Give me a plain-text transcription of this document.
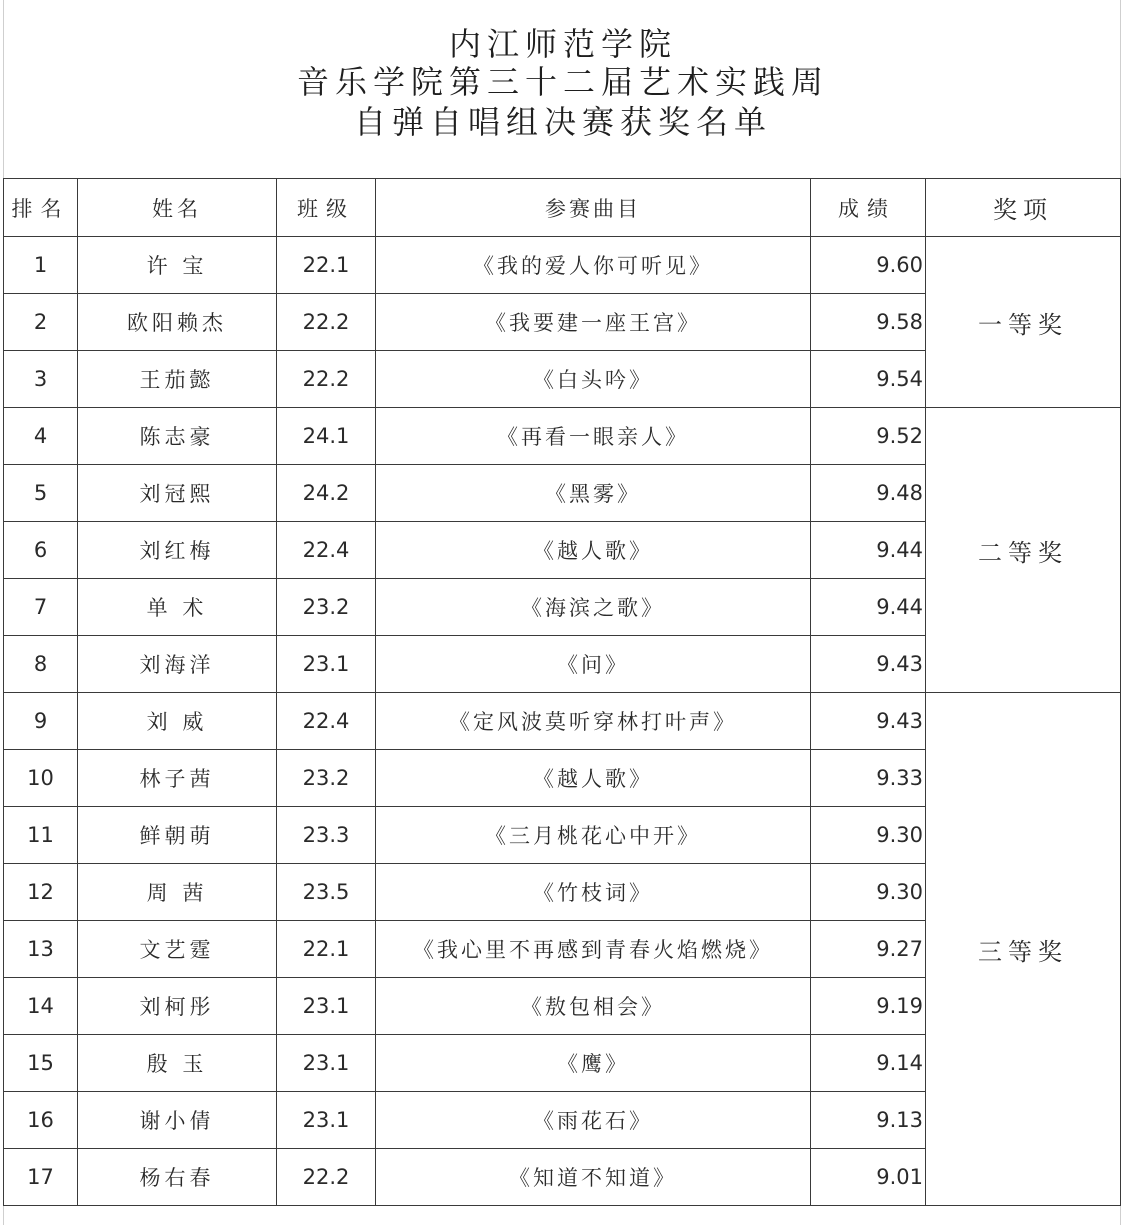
内江师范学院
音乐学院第三十二届艺术实践周
自弹自唱组决赛获奖名单
排名	姓名	班级	参赛曲目	成绩	奖项
1	许 宝	22.1	《我的爱人你可听见》	9.60	一等奖
2	欧阳赖杰	22.2	《我要建一座王宫》	9.58	
3	王茄懿	22.2	《白头吟》	9.54	
4	陈志豪	24.1	《再看一眼亲人》	9.52	二等奖
5	刘冠熙	24.2	《黑雾》	9.48	
6	刘红梅	22.4	《越人歌》	9.44	
7	单 术	23.2	《海滨之歌》	9.44	
8	刘海洋	23.1	《问》	9.43	
9	刘 威	22.4	《定风波莫听穿林打叶声》	9.43	三等奖
10	林子茜	23.2	《越人歌》	9.33	
11	鲜朝萌	23.3	《三月桃花心中开》	9.30	
12	周 茜	23.5	《竹枝词》	9.30	
13	文艺霆	22.1	《我心里不再感到青春火焰燃烧》	9.27	
14	刘柯彤	23.1	《敖包相会》	9.19	
15	殷 玉	23.1	《鹰》	9.14	
16	谢小倩	23.1	《雨花石》	9.13	
17	杨右春	22.2	《知道不知道》	9.01	
